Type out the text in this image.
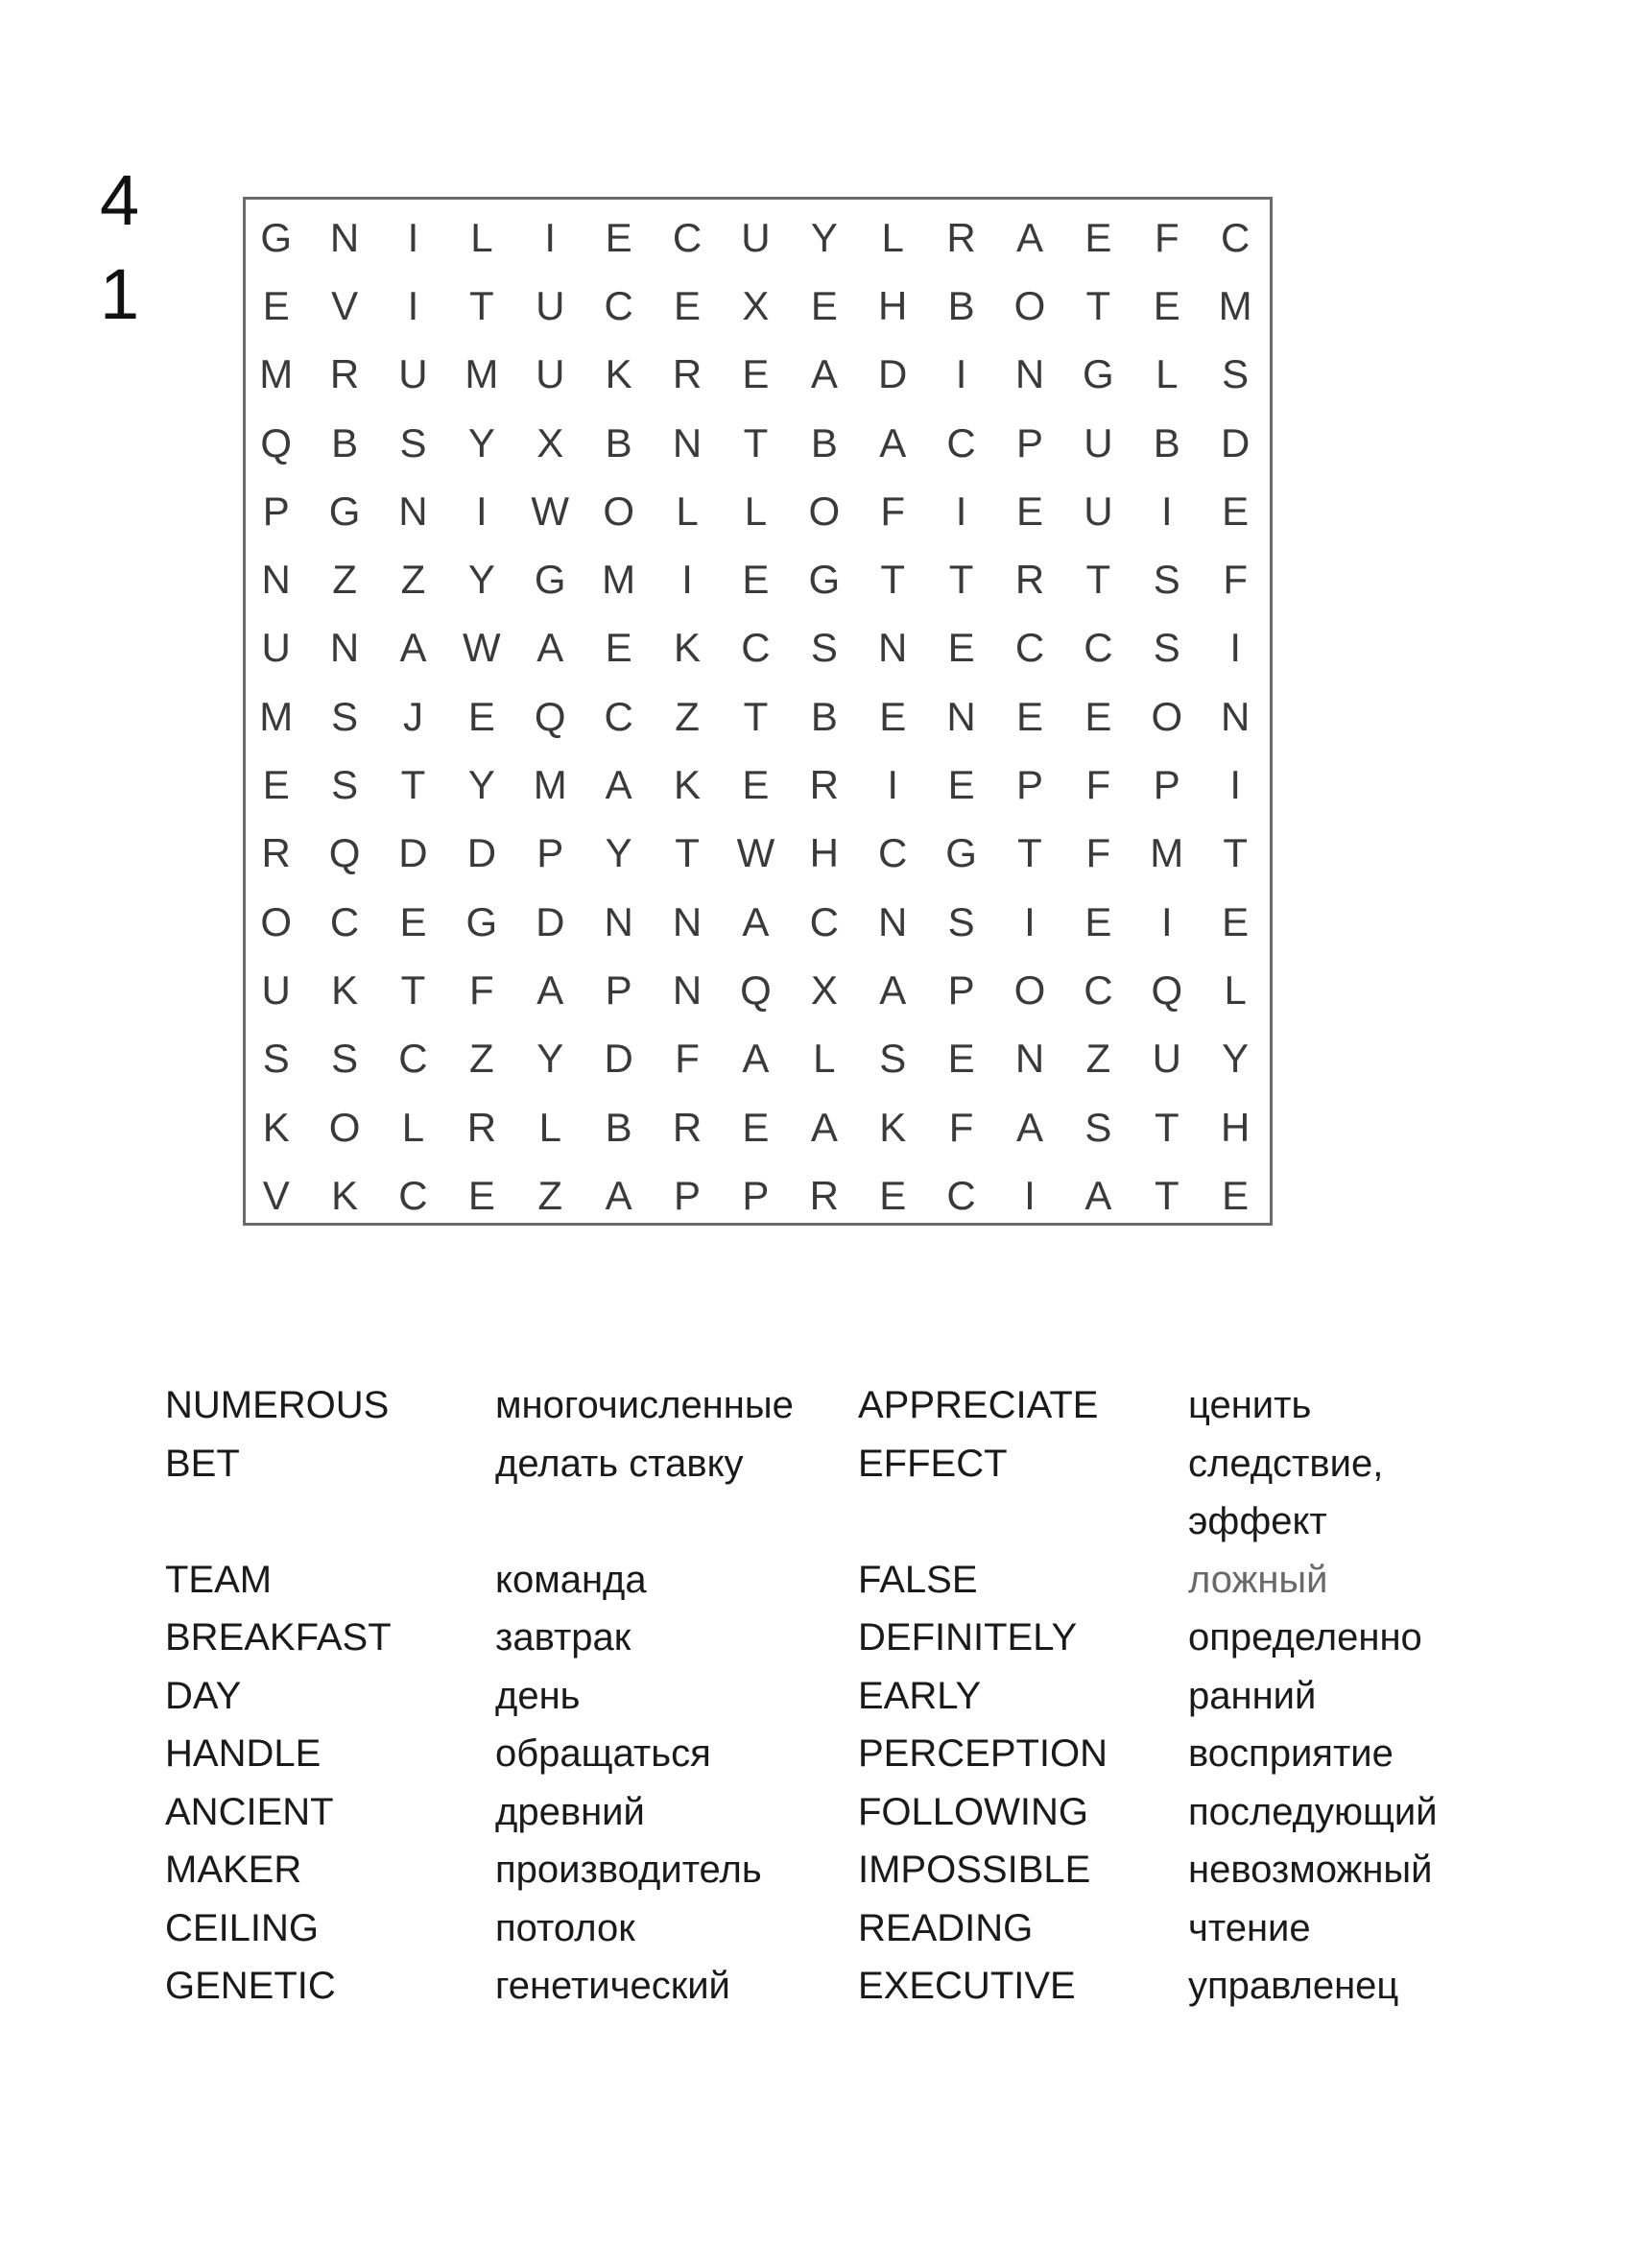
4
1
G N	I	L	I	E	C U	Y	L	R	A	E	F	C
E	V	I	T	U C	E	X	E	H	B O	T	E M
M R U M U	K	R	E	A	D	I	N G	L	S
Q B	S	Y	X	B	N	T	B	A	C	P	U	B	D
P G N	I	W O	L	L	O	F	I	E	U	I	E
N	Z	Z	Y G M	I	E G	T	T	R	T	S	F
U N	A W A	E	K	C	S	N	E	C C	S	I
M S	J	E Q C	Z	T	B	E	N	E	E O N
E	S	T	Y M A	K	E	R	I	E	P	F	P	I
R Q D D	P	Y	T W H C G	T	F M T
O C	E G D N N	A	C N	S	I	E	I	E
U	K	T	F	A	P	N Q X	A	P O C Q	L
S	S	C	Z	Y	D	F	A	L	S	E	N	Z	U	Y
K O	L	R	L	B	R	E	A	K	F	A	S	T	H
V	K	C	E	Z	A	P	P	R	E	C	I	A	T	E
NUMEROUS	многочисленные	APPRECIATE	ценить
BET	делать ставку	EFFECT	следствие, эффект
TEAM	команда	FALSE	ложный
BREAKFAST	завтрак	DEFINITELY	определенно
DAY	день	EARLY	ранний
HANDLE	обращаться	PERCEPTION	восприятие
ANCIENT	древний	FOLLOWING	последующий
MAKER	производитель	IMPOSSIBLE	невозможный
CEILING	потолок	READING	чтение
GENETIC	генетический	EXECUTIVE	управленец
